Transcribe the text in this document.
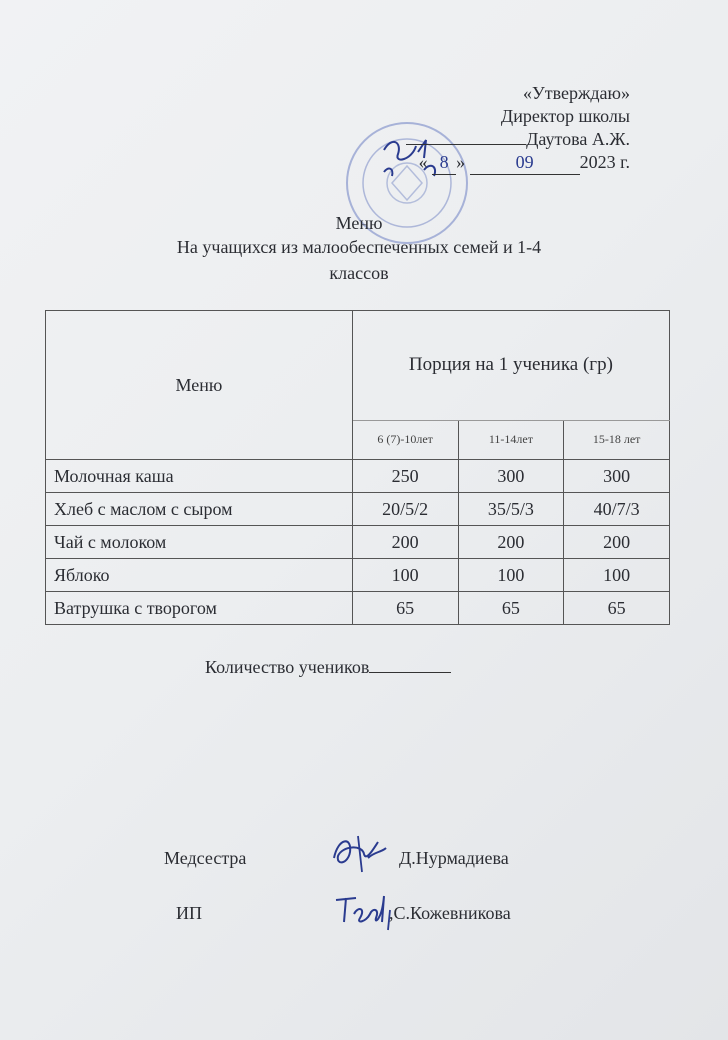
«Утверждаю»
Директор школы
Даутова А.Ж.
« 8 »	09	2023 г.
Меню
На учащихся из малообеспеченных семей и 1-4
классов
Меню	Порция на 1 ученика (гр)		
	6 (7)-10лет	11-14лет	15-18 лет
Молочная каша	250	300	300
Хлеб с маслом с сыром	20/5/2	35/5/3	40/7/3
Чай с молоком	200	200	200
Яблоко	100	100	100
Ватрушка с творогом	65	65	65
Количество учеников
Медсестра	Д.Нурмадиева
ИП	,С.Кожевникова
